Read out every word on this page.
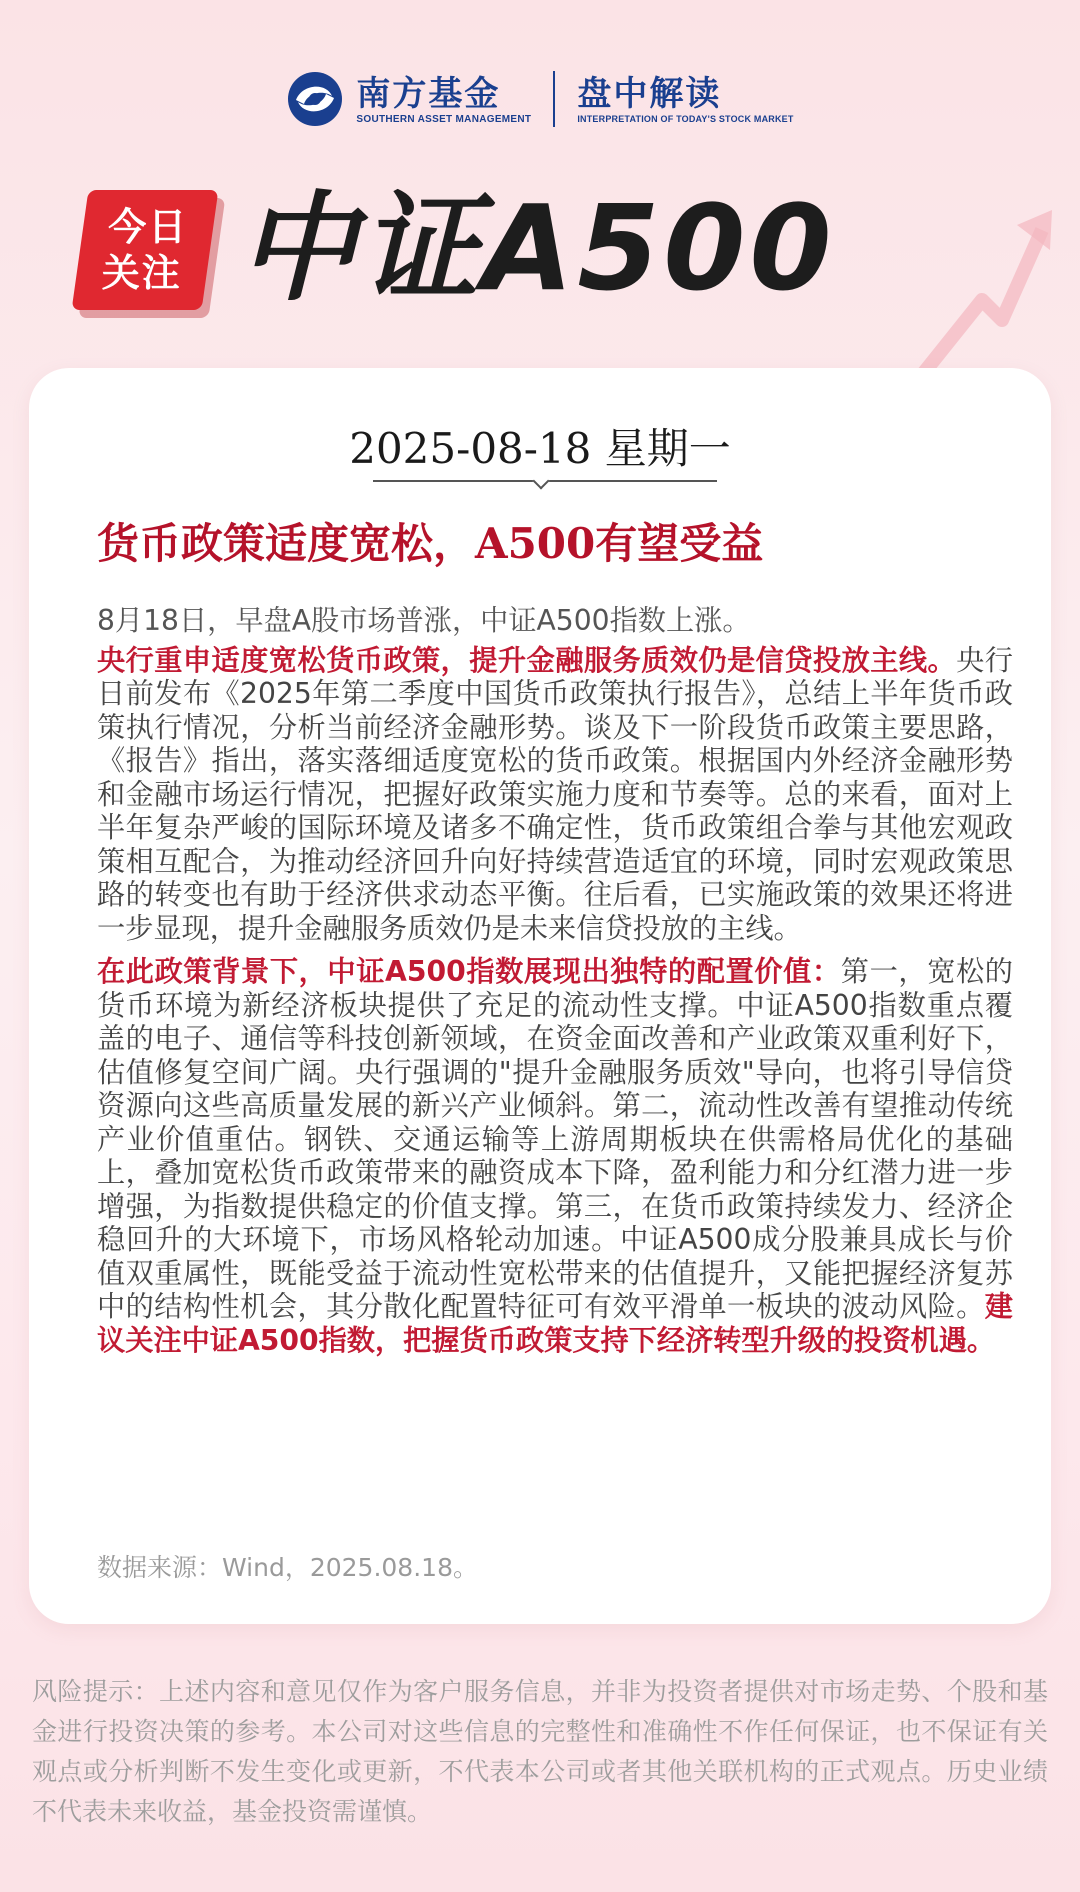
南方基金
SOUTHERN ASSET MANAGEMENT
盘中解读
INTERPRETATION OF TODAY'S STOCK MARKET
今日
关注 中证A500
2025-08-18 星期一
货币政策适度宽松，A500有望受益

8月18日，早盘A股市场普涨，中证A500指数上涨。

央行重申适度宽松货币政策，提升金融服务质效仍是信贷投放主线。央行日前发布《2025年第二季度中国货币政策执行报告》，总结上半年货币政策执行情况，分析当前经济金融形势。谈及下一阶段货币政策主要思路，《报告》指出，落实落细适度宽松的货币政策。根据国内外经济金融形势和金融市场运行情况，把握好政策实施力度和节奏等。总的来看，面对上半年复杂严峻的国际环境及诸多不确定性，货币政策组合拳与其他宏观政策相互配合，为推动经济回升向好持续营造适宜的环境，同时宏观政策思路的转变也有助于经济供求动态平衡。往后看，已实施政策的效果还将进一步显现，提升金融服务质效仍是未来信贷投放的主线。

在此政策背景下，中证A500指数展现出独特的配置价值：第一，宽松的货币环境为新经济板块提供了充足的流动性支撑。中证A500指数重点覆盖的电子、通信等科技创新领域，在资金面改善和产业政策双重利好下，估值修复空间广阔。央行强调的"提升金融服务质效"导向，也将引导信贷资源向这些高质量发展的新兴产业倾斜。第二，流动性改善有望推动传统产业价值重估。钢铁、交通运输等上游周期板块在供需格局优化的基础上，叠加宽松货币政策带来的融资成本下降，盈利能力和分红潜力进一步增强，为指数提供稳定的价值支撑。第三，在货币政策持续发力、经济企稳回升的大环境下，市场风格轮动加速。中证A500成分股兼具成长与价值双重属性，既能受益于流动性宽松带来的估值提升，又能把握经济复苏中的结构性机会，其分散化配置特征可有效平滑单一板块的波动风险。建议关注中证A500指数，把握货币政策支持下经济转型升级的投资机遇。

数据来源：Wind，2025.08.18。
风险提示：上述内容和意见仅作为客户服务信息，并非为投资者提供对市场走势、个股和基金进行投资决策的参考。本公司对这些信息的完整性和准确性不作任何保证，也不保证有关观点或分析判断不发生变化或更新，不代表本公司或者其他关联机构的正式观点。历史业绩不代表未来收益，基金投资需谨慎。
